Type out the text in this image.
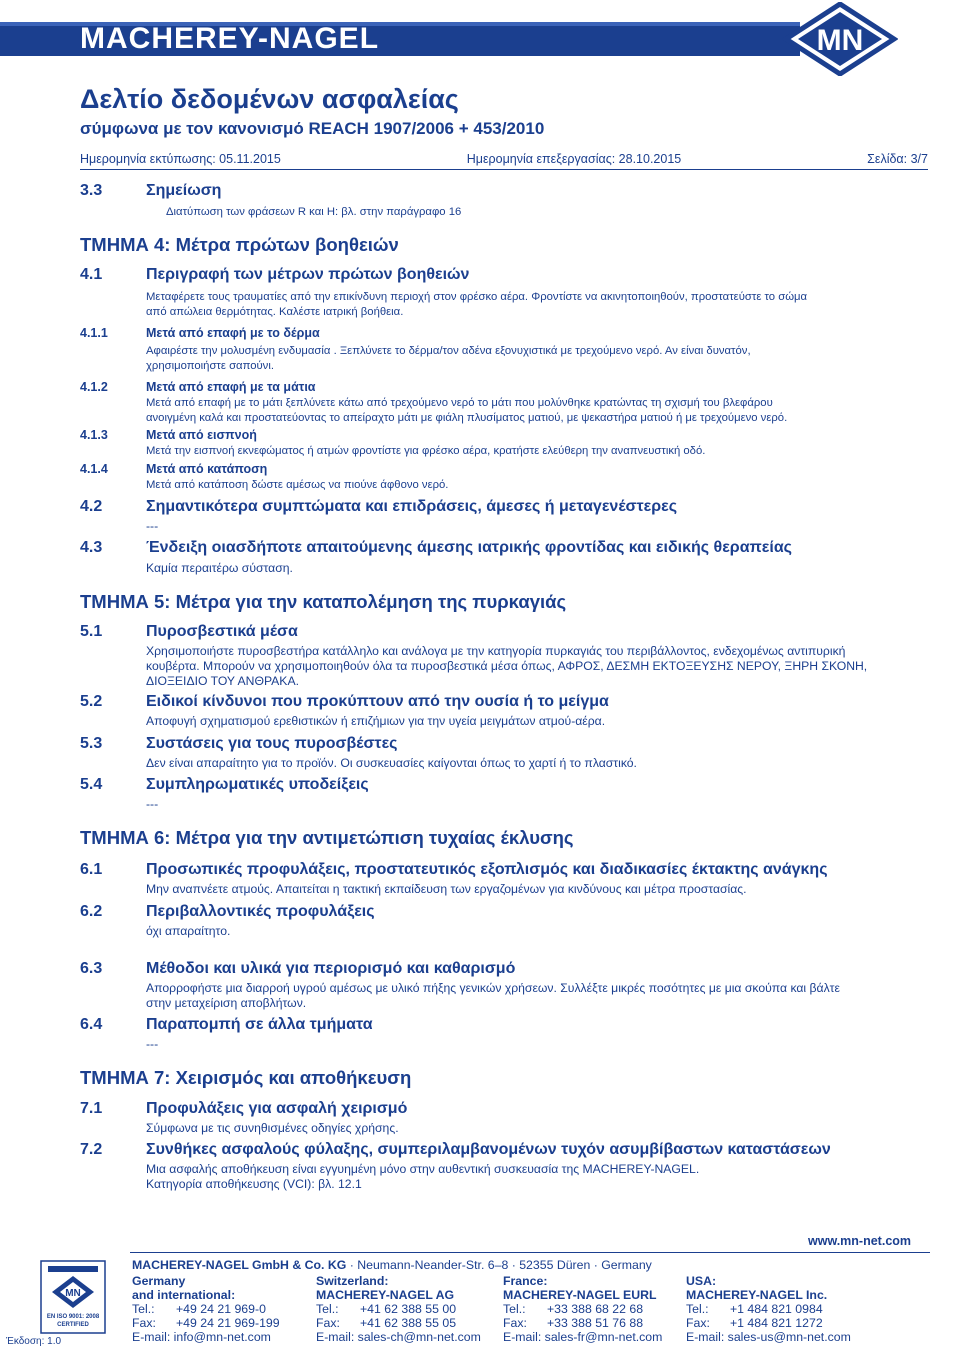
MACHEREY-NAGEL	MN
Δελτίο δεδομένων ασφαλείας
σύμφωνα με τον κανονισμό REACH 1907/2006 + 453/2010
Ημερομηνία εκτύπωσης: 05.11.2015	Ημερομηνία επεξεργασίας: 28.10.2015	Σελίδα: 3/7
3.3	Σημείωση
Διατύπωση των φράσεων R και H: βλ. στην παράγραφο 16
ΤΜΗΜΑ 4: Μέτρα πρώτων βοηθειών
4.1	Περιγραφή των μέτρων πρώτων βοηθειών
Μεταφέρετε τους τραυματίες από την επικίνδυνη περιοχή στον φρέσκο αέρα. Φροντίστε να ακινητοποιηθούν, προστατεύστε το σώμα
από απώλεια θερμότητας. Καλέστε ιατρική βοήθεια.
4.1.1	Μετά από επαφή με το δέρμα
Αφαιρέστε την μολυσμένη ενδυμασία . Ξεπλύνετε το δέρμα/τον αδένα εξονυχιστικά με τρεχούμενο νερό. Αν είναι δυνατόν,
χρησιμοποιήστε σαπούνι.
4.1.2	Μετά από επαφή με τα μάτια
Μετά από επαφή με το μάτι ξεπλύνετε κάτω από τρεχούμενο νερό το μάτι που μολύνθηκε κρατώντας τη σχισμή του βλεφάρου
ανοιγμένη καλά και προστατεύοντας το απείραχτο μάτι με φιάλη πλυσίματος ματιού, με ψεκαστήρα ματιού ή με τρεχούμενο νερό.
4.1.3	Μετά από εισπνοή
Μετά την εισπνοή εκνεφώματος ή ατμών φροντίστε για φρέσκο αέρα, κρατήστε ελεύθερη την αναπνευστική οδό.
4.1.4	Μετά από κατάποση
Μετά από κατάποση δώστε αμέσως να πιούνε άφθονο νερό.
4.2	Σημαντικότερα συμπτώματα και επιδράσεις, άμεσες ή μεταγενέστερες
---
4.3	Ένδειξη οιασδήποτε απαιτούμενης άμεσης ιατρικής φροντίδας και ειδικής θεραπείας
Καμία περαιτέρω σύσταση.
ΤΜΗΜΑ 5: Μέτρα για την καταπολέμηση της πυρκαγιάς
5.1	Πυροσβεστικά μέσα
Χρησιμοποιήστε πυροσβεστήρα κατάλληλο και ανάλογα με την κατηγορία πυρκαγιάς του περιβάλλοντος, ενδεχομένως αντιπυρική
κουβέρτα. Μπορούν να χρησιμοποιηθούν όλα τα πυροσβεστικά μέσα όπως, ΑΦΡΟΣ, ΔΕΣΜΗ ΕΚΤΟΞΕΥΣΗΣ ΝΕΡΟΥ, ΞΗΡΗ ΣΚΟΝΗ,
ΔΙΟΞΕΙΔΙΟ ΤΟΥ ΑΝΘΡΑΚΑ.
5.2	Ειδικοί κίνδυνοι που προκύπτουν από την ουσία ή το μείγμα
Αποφυγή σχηματισμού ερεθιστικών ή επιζήμιων για την υγεία μειγμάτων ατμού-αέρα.
5.3	Συστάσεις για τους πυροσβέστες
Δεν είναι απαραίτητο για το προϊόν. Οι συσκευασίες καίγονται όπως το χαρτί ή το πλαστικό.
5.4	Συμπληρωματικές υποδείξεις
---
ΤΜΗΜΑ 6: Μέτρα για την αντιμετώπιση τυχαίας έκλυσης
6.1	Προσωπικές προφυλάξεις, προστατευτικός εξοπλισμός και διαδικασίες έκτακτης ανάγκης
Μην αναπνέετε ατμούς. Απαιτείται η τακτική εκπαίδευση των εργαζομένων για κινδύνους και μέτρα προστασίας.
6.2	Περιβαλλοντικές προφυλάξεις
όχι απαραίτητο.
6.3	Μέθοδοι και υλικά για περιορισμό και καθαρισμό
Απορροφήστε μια διαρροή υγρού αμέσως με υλικό πήξης γενικών χρήσεων. Συλλέξτε μικρές ποσότητες με μια σκούπα και βάλτε
στην μεταχείριση αποβλήτων.
6.4	Παραπομπή σε άλλα τμήματα
---
ΤΜΗΜΑ 7: Χειρισμός και αποθήκευση
7.1	Προφυλάξεις για ασφαλή χειρισμό
Σύμφωνα με τις συνηθισμένες οδηγίες χρήσης.
7.2	Συνθήκες ασφαλούς φύλαξης, συμπεριλαμβανομένων τυχόν ασυμβίβαστων καταστάσεων
Μια ασφαλής αποθήκευση είναι εγγυημένη μόνο στην αυθεντική συσκευασία της MACHEREY-NAGEL.
Κατηγορία αποθήκευσης (VCI): βλ. 12.1
www.mn-net.com
MACHEREY-NAGEL GmbH & Co. KG · Neumann-Neander-Str. 6–8 · 52355 Düren · Germany
MN
EN ISO 9001: 2008
CERTIFIED
Έκδοση: 1.0
Germany
and international:
Tel.: +49 24 21 969-0
Fax: +49 24 21 969-199
E-mail: info@mn-net.com
Switzerland:
MACHEREY-NAGEL AG
Tel.: +41 62 388 55 00
Fax: +41 62 388 55 05
E-mail: sales-ch@mn-net.com
France:
MACHEREY-NAGEL EURL
Tel.: +33 388 68 22 68
Fax: +33 388 51 76 88
E-mail: sales-fr@mn-net.com
USA:
MACHEREY-NAGEL Inc.
Tel.: +1 484 821 0984
Fax: +1 484 821 1272
E-mail: sales-us@mn-net.com
